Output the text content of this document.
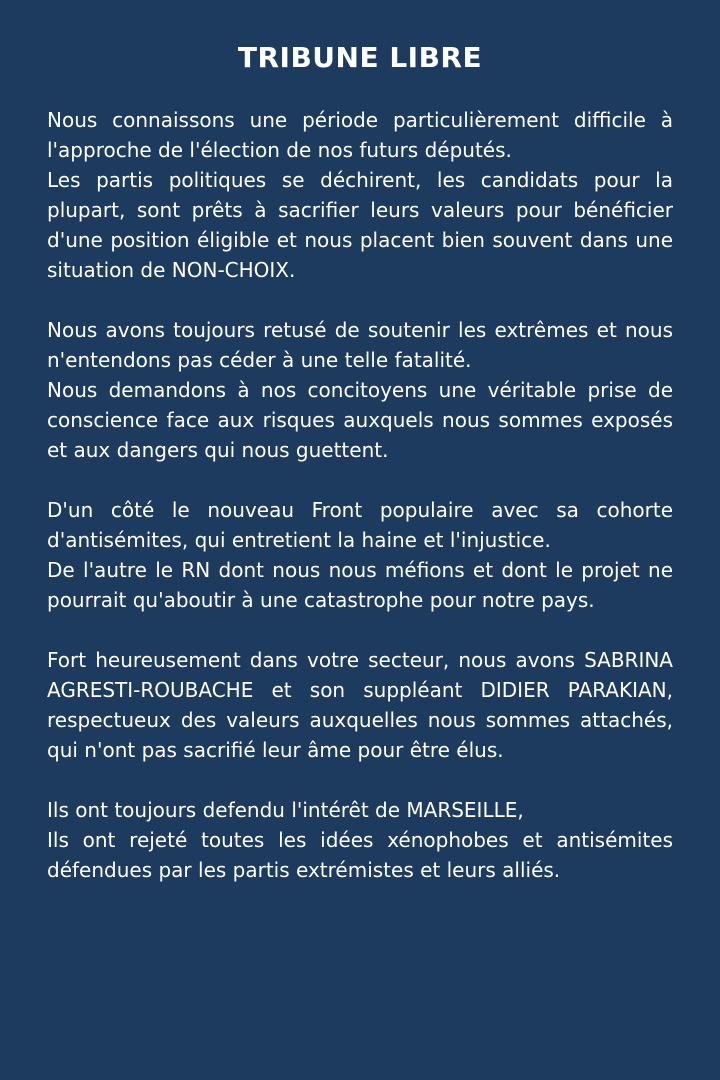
TRIBUNE LIBRE

Nous connaissons une période particulièrement difficile à l'approche de l'élection de nos futurs députés.

Les partis politiques se déchirent, les candidats pour la plupart, sont prêts à sacrifier leurs valeurs pour bénéficier d'une position éligible et nous placent bien souvent dans une situation de NON-CHOIX.

Nous avons toujours retusé de soutenir les extrêmes et nous n'entendons pas céder à une telle fatalité.

Nous demandons à nos concitoyens une véritable prise de conscience face aux risques auxquels nous sommes exposés et aux dangers qui nous guettent.

D'un côté le nouveau Front populaire avec sa cohorte d'antisémites, qui entretient la haine et l'injustice.

De l'autre le RN dont nous nous méfions et dont le projet ne pourrait qu'aboutir à une catastrophe pour notre pays.

Fort heureusement dans votre secteur, nous avons SABRINA AGRESTI-ROUBACHE et son suppléant DIDIER PARAKIAN, respectueux des valeurs auxquelles nous sommes attachés, qui n'ont pas sacrifié leur âme pour être élus.

Ils ont toujours defendu l'intérêt de MARSEILLE,

Ils ont rejeté toutes les idées xénophobes et antisémites défendues par les partis extrémistes et leurs alliés.
